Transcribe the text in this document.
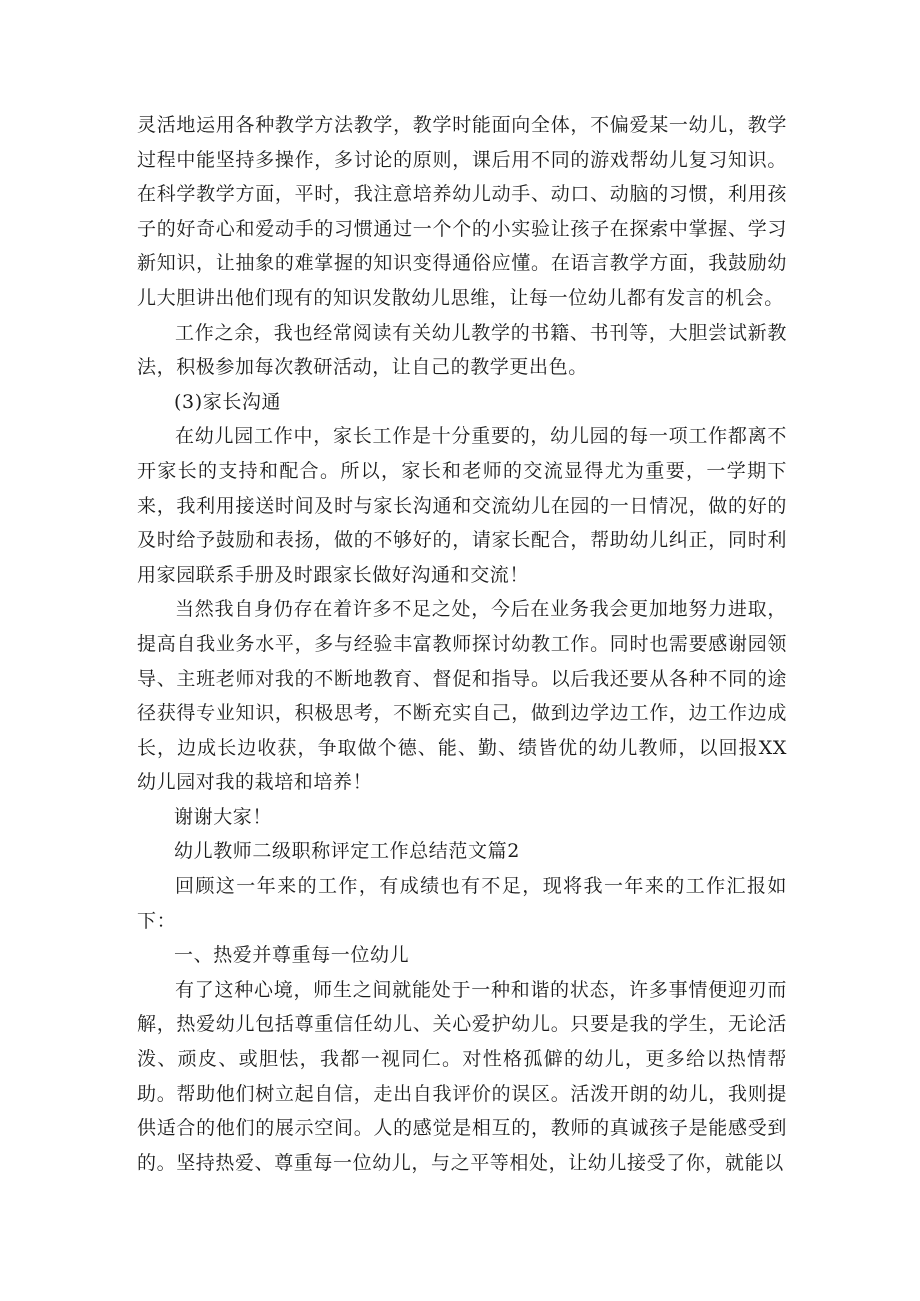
灵活地运用各种教学方法教学，教学时能面向全体，不偏爱某一幼儿，教学过程中能坚持多操作，多讨论的原则，课后用不同的游戏帮幼儿复习知识。在科学教学方面，平时，我注意培养幼儿动手、动口、动脑的习惯，利用孩子的好奇心和爱动手的习惯通过一个个的小实验让孩子在探索中掌握、学习新知识，让抽象的难掌握的知识变得通俗应懂。在语言教学方面，我鼓励幼儿大胆讲出他们现有的知识发散幼儿思维，让每一位幼儿都有发言的机会。

工作之余，我也经常阅读有关幼儿教学的书籍、书刊等，大胆尝试新教法，积极参加每次教研活动，让自己的教学更出色。

(3)家长沟通

在幼儿园工作中，家长工作是十分重要的，幼儿园的每一项工作都离不开家长的支持和配合。所以，家长和老师的交流显得尤为重要，一学期下来，我利用接送时间及时与家长沟通和交流幼儿在园的一日情况，做的好的及时给予鼓励和表扬，做的不够好的，请家长配合，帮助幼儿纠正，同时利用家园联系手册及时跟家长做好沟通和交流！

当然我自身仍存在着许多不足之处，今后在业务我会更加地努力进取，提高自我业务水平，多与经验丰富教师探讨幼教工作。同时也需要感谢园领导、主班老师对我的不断地教育、督促和指导。以后我还要从各种不同的途径获得专业知识，积极思考，不断充实自己，做到边学边工作，边工作边成长，边成长边收获，争取做个德、能、勤、绩皆优的幼儿教师，以回报XX幼儿园对我的栽培和培养！

谢谢大家！

幼儿教师二级职称评定工作总结范文篇2

回顾这一年来的工作，有成绩也有不足，现将我一年来的工作汇报如下：

一、热爱并尊重每一位幼儿

有了这种心境，师生之间就能处于一种和谐的状态，许多事情便迎刃而解，热爱幼儿包括尊重信任幼儿、关心爱护幼儿。只要是我的学生，无论活泼、顽皮、或胆怯，我都一视同仁。对性格孤僻的幼儿，更多给以热情帮助。帮助他们树立起自信，走出自我评价的误区。活泼开朗的幼儿，我则提供适合的他们的展示空间。人的感觉是相互的，教师的真诚孩子是能感受到的。坚持热爱、尊重每一位幼儿，与之平等相处，让幼儿接受了你，就能以
